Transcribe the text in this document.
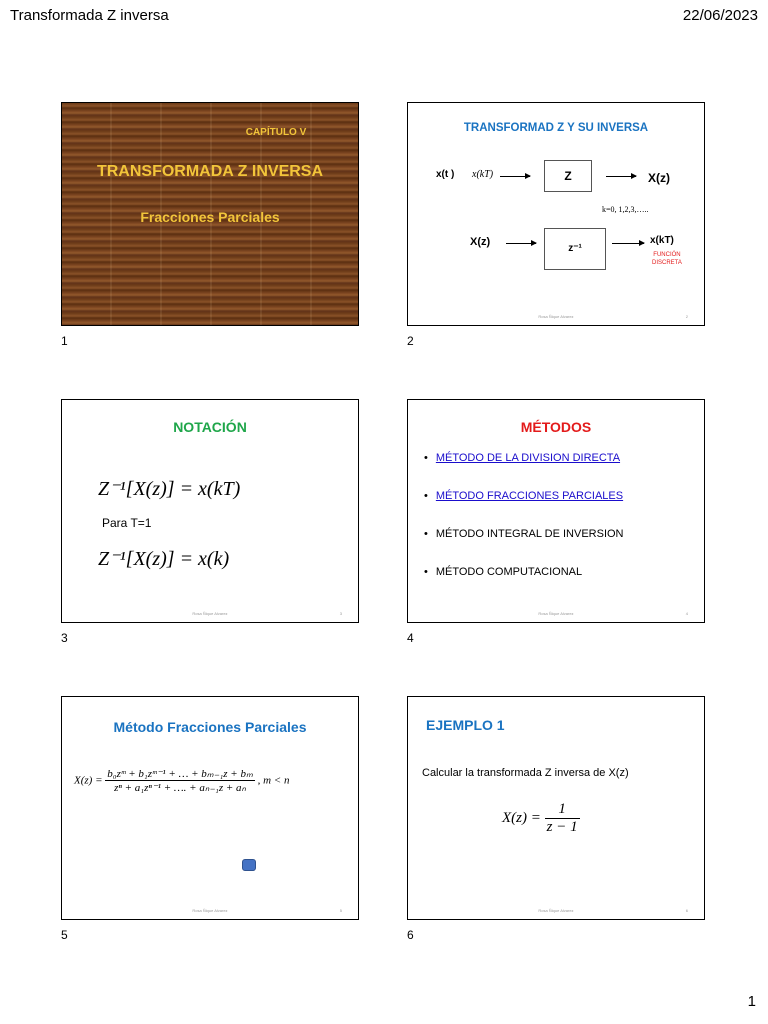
Transformada Z inversa	22/06/2023
CAPÍTULO V
TRANSFORMADA Z INVERSA
Fracciones Parciales
1
TRANSFORMAD Z Y SU INVERSA
x(t ) x(kT)	Z	X(z)
k=0, 1,2,3,…..
X(z)
z⁻¹
x(kT)
FUNCIÓN
DISCRETA
Rosa Ñique Alvarez	2
2
NOTACIÓN
Z⁻¹[X(z)] = x(kT)
Para T=1
Z⁻¹[X(z)] = x(k)
Rosa Ñique Alvarez	3
3
MÉTODOS
• MÉTODO DE LA DIVISION DIRECTA
• MÉTODO FRACCIONES PARCIALES
• MÉTODO INTEGRAL DE INVERSION
• MÉTODO COMPUTACIONAL
Rosa Ñique Alvarez	4
4
Método Fracciones Parciales
$X(z) = \frac{\text{b₀zᵐ + b₁zᵐ⁻¹ + … + bₘ₋₁z + bₘ}}{\text{zⁿ + a₁zⁿ⁻¹ + …. + aₙ₋₁z + aₙ}}$ , m < n
Rosa Ñique Alvarez	5
5
EJEMPLO 1
Calcular la transformada Z inversa de X(z)
$X(z) = \frac{1}{z - 1}$
Rosa Ñique Alvarez	6
6
1
